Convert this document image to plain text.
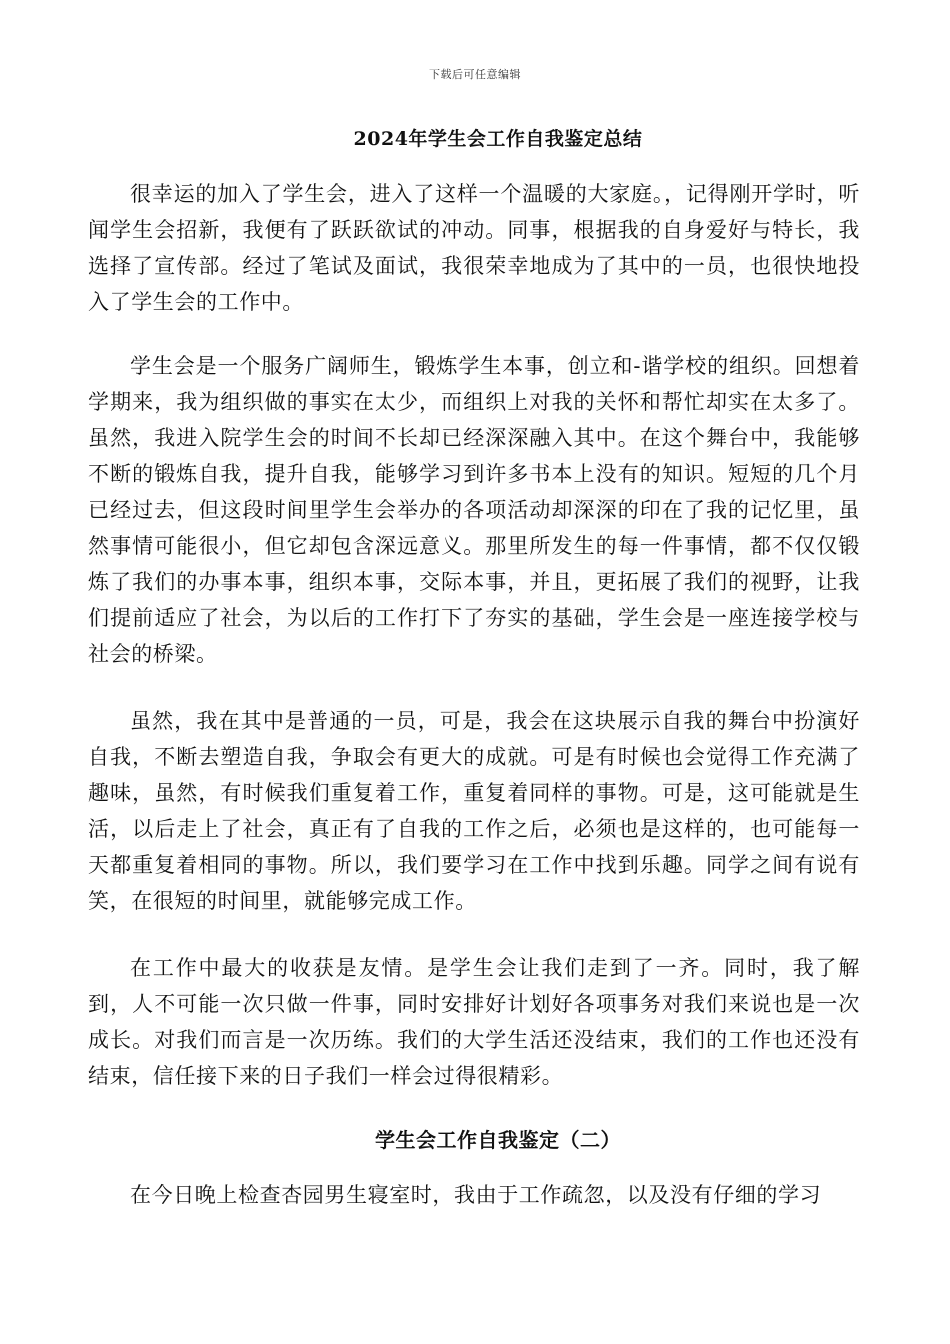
下载后可任意编辑
2024年学生会工作自我鉴定总结

很幸运的加入了学生会，进入了这样一个温暖的大家庭。，记得刚开学时，听闻学生会招新，我便有了跃跃欲试的冲动。同事，根据我的自身爱好与特长，我选择了宣传部。经过了笔试及面试，我很荣幸地成为了其中的一员，也很快地投入了学生会的工作中。

学生会是一个服务广阔师生，锻炼学生本事，创立和-谐学校的组织。回想着学期来，我为组织做的事实在太少，而组织上对我的关怀和帮忙却实在太多了。虽然，我进入院学生会的时间不长却已经深深融入其中。在这个舞台中，我能够不断的锻炼自我，提升自我，能够学习到许多书本上没有的知识。短短的几个月已经过去，但这段时间里学生会举办的各项活动却深深的印在了我的记忆里，虽然事情可能很小，但它却包含深远意义。那里所发生的每一件事情，都不仅仅锻炼了我们的办事本事，组织本事，交际本事，并且，更拓展了我们的视野，让我们提前适应了社会，为以后的工作打下了夯实的基础，学生会是一座连接学校与社会的桥梁。

虽然，我在其中是普通的一员，可是，我会在这块展示自我的舞台中扮演好自我，不断去塑造自我，争取会有更大的成就。可是有时候也会觉得工作充满了趣味，虽然，有时候我们重复着工作，重复着同样的事物。可是，这可能就是生活，以后走上了社会，真正有了自我的工作之后，必须也是这样的，也可能每一天都重复着相同的事物。所以，我们要学习在工作中找到乐趣。同学之间有说有笑，在很短的时间里，就能够完成工作。

在工作中最大的收获是友情。是学生会让我们走到了一齐。同时，我了解到，人不可能一次只做一件事，同时安排好计划好各项事务对我们来说也是一次成长。对我们而言是一次历练。我们的大学生活还没结束，我们的工作也还没有结束，信任接下来的日子我们一样会过得很精彩。

学生会工作自我鉴定（二）

在今日晚上检查杏园男生寝室时，我由于工作疏忽，以及没有仔细的学习
